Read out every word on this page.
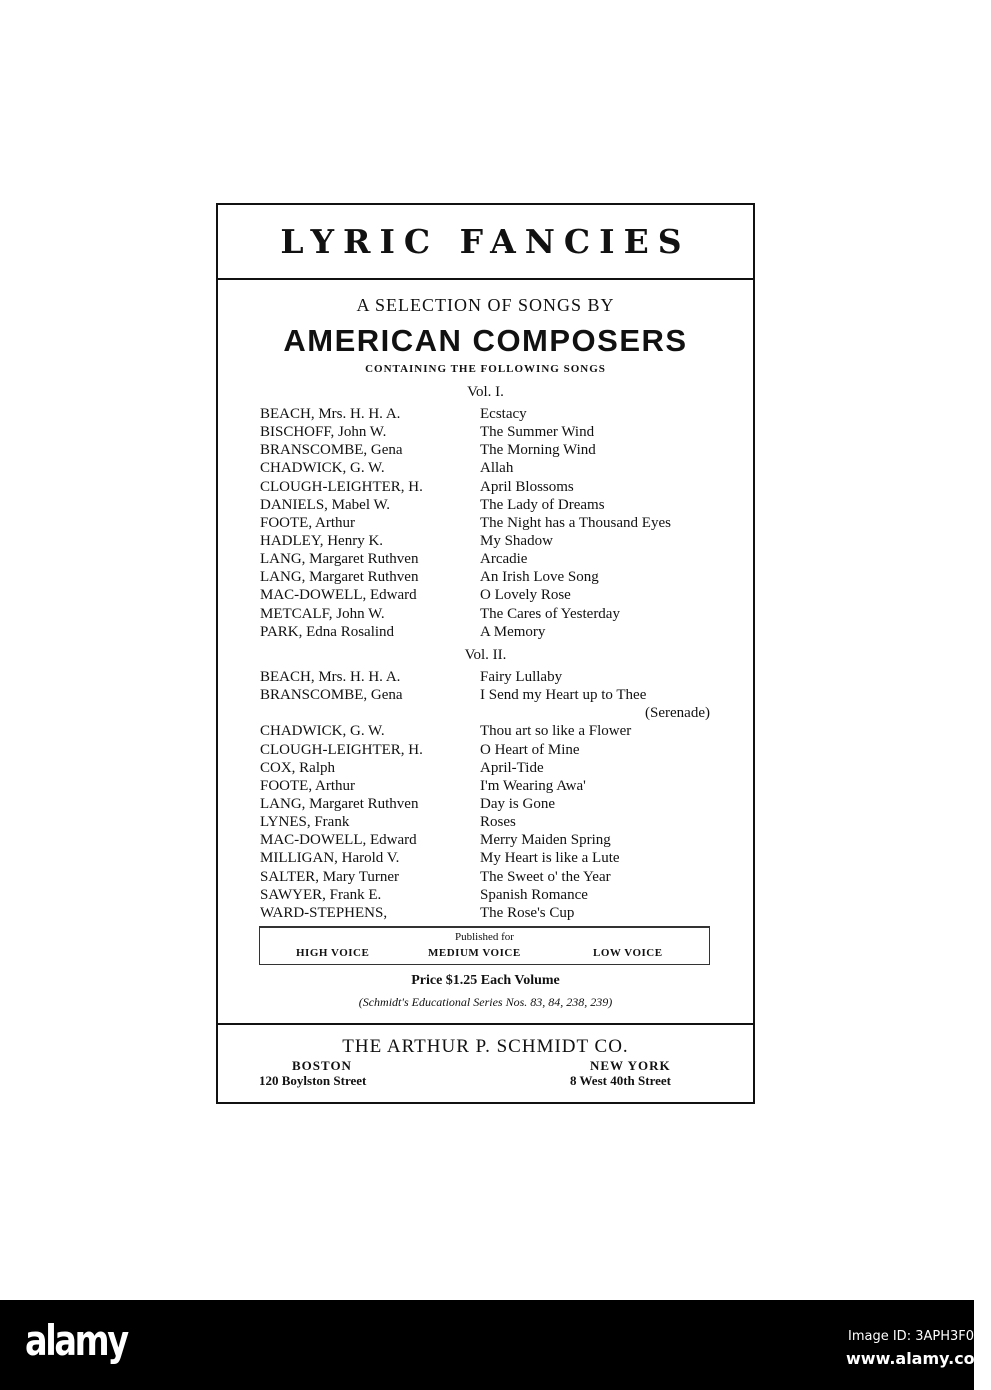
LYRIC FANCIES
A SELECTION OF SONGS BY
AMERICAN COMPOSERS
CONTAINING THE FOLLOWING SONGS
Vol. I.
BEACH, Mrs. H. H. A.	Ecstacy
BISCHOFF, John W.	The Summer Wind
BRANSCOMBE, Gena	The Morning Wind
CHADWICK, G. W.	Allah
CLOUGH-LEIGHTER, H.	April Blossoms
DANIELS, Mabel W.	The Lady of Dreams
FOOTE, Arthur	The Night has a Thousand Eyes
HADLEY, Henry K.	My Shadow
LANG, Margaret Ruthven	Arcadie
LANG, Margaret Ruthven	An Irish Love Song
MAC-DOWELL, Edward	O Lovely Rose
METCALF, John W.	The Cares of Yesterday
PARK, Edna Rosalind	A Memory
Vol. II.
BEACH, Mrs. H. H. A.	Fairy Lullaby
BRANSCOMBE, Gena	I Send my Heart up to Thee
(Serenade)
CHADWICK, G. W.	Thou art so like a Flower
CLOUGH-LEIGHTER, H.	O Heart of Mine
COX, Ralph	April-Tide
FOOTE, Arthur	I'm Wearing Awa'
LANG, Margaret Ruthven	Day is Gone
LYNES, Frank	Roses
MAC-DOWELL, Edward	Merry Maiden Spring
MILLIGAN, Harold V.	My Heart is like a Lute
SALTER, Mary Turner	The Sweet o' the Year
SAWYER, Frank E.	Spanish Romance
WARD-STEPHENS,	The Rose's Cup
Published for
HIGH VOICE	MEDIUM VOICE	LOW VOICE
Price $1.25 Each Volume
(Schmidt's Educational Series Nos. 83, 84, 238, 239)
THE ARTHUR P. SCHMIDT CO.
BOSTON
120 Boylston Street
NEW YORK
8 West 40th Street
alamy	Image ID: 3APH3F0
www.alamy.com
